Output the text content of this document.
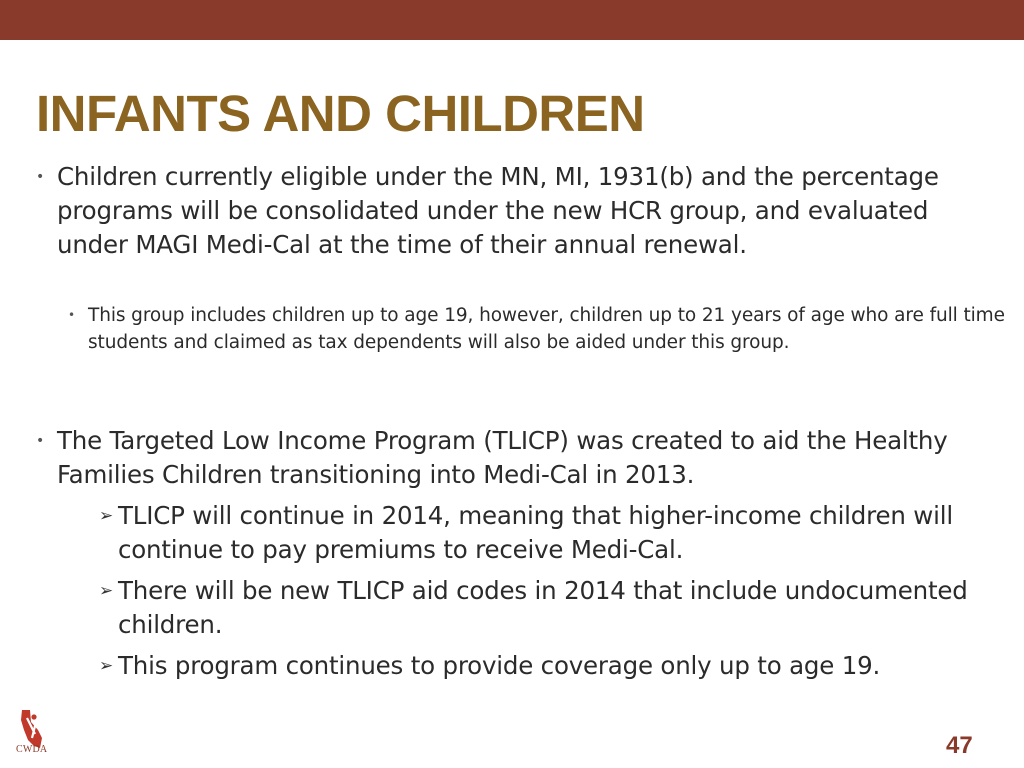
INFANTS AND CHILDREN
• Children currently eligible under the MN, MI, 1931(b) and the percentage programs will be consolidated under the new HCR group, and evaluated under MAGI Medi-Cal at the time of their annual renewal.
• This group includes children up to age 19, however, children up to 21 years of age who are full time students and claimed as tax dependents will also be aided under this group.
• The Targeted Low Income Program (TLICP) was created to aid the Healthy Families Children transitioning into Medi-Cal in 2013.
➢ TLICP will continue in 2014, meaning that higher-income children will continue to pay premiums to receive Medi-Cal.
➢ There will be new TLICP aid codes in 2014 that include undocumented children.
➢ This program continues to provide coverage only up to age 19.
CWDA	47
